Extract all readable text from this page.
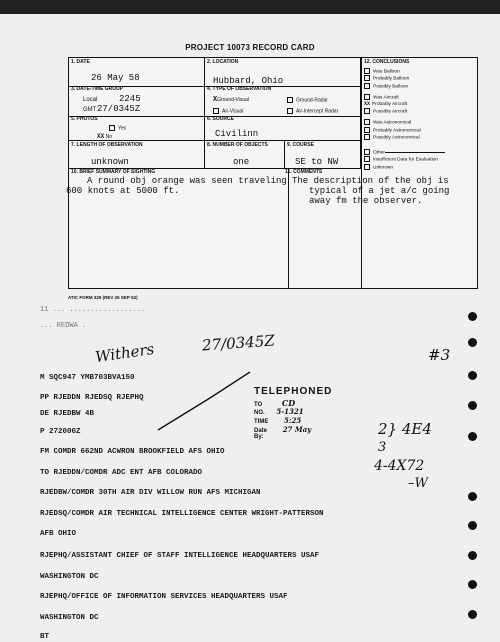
PROJECT 10073 RECORD CARD
1. DATE
26 May 58
2. LOCATION
Hubbard, Ohio
3. DATE-TIME GROUP
Local 2245
GMT 27/0345Z
4. TYPE OF OBSERVATION
XGround-Visual	Ground-Radar
Air-Visual	Air-Intercept Radar
5. PHOTOS
Yes
XX No
6. SOURCE
Civilinn
7. LENGTH OF OBSERVATION
unknown
8. NUMBER OF OBJECTS
one
9. COURSE
SE to NW
10. BRIEF SUMMARY OF SIGHTING
A round obj orange was seen traveling
600 knots at 5000 ft.
11. COMMENTS
The description of the obj is
typical of a jet a/c going
away fm the observer.
12. CONCLUSIONS
Was Balloon
Probably Balloon
Possibly Balloon
Was Aircraft
XX Probably Aircraft
Possibly Aircraft
Was Astronomical
Probably Astronomical
Possibly Astronomical
Other
Insufficient Data for Evaluation
Unknown
ATIC FORM 329 (REV 26 SEP 52)
11 ... ..................
... REDWA .
Withers	27/0345Z
#3
2} 4E4
3
4-4X72
–W
M SQC947 YMB703BVA150
PP RJEDDN RJEDSQ RJEPHQ
DE RJEDBW 4B
P 272000Z
FM COMDR 662ND ACWRON BROOKFIELD AFS OHIO
TO RJEDDN/COMDR ADC ENT AFB COLORADO
RJEDBW/COMDR 30TH AIR DIV WILLOW RUN AFS MICHIGAN
RJEDSQ/COMDR AIR TECHNICAL INTELLIGENCE CENTER WRIGHT-PATTERSON
AFB OHIO
RJEPHQ/ASSISTANT CHIEF OF STAFF INTELLIGENCE HEADQUARTERS USAF
WASHINGTON DC
RJEPHQ/OFFICE OF INFORMATION SERVICES HEADQUARTERS USAF
WASHINGTON DC
BT
TELEPHONED
TO CD
NO. 5-1321
TIME 5:25
Date 27 May
By:
